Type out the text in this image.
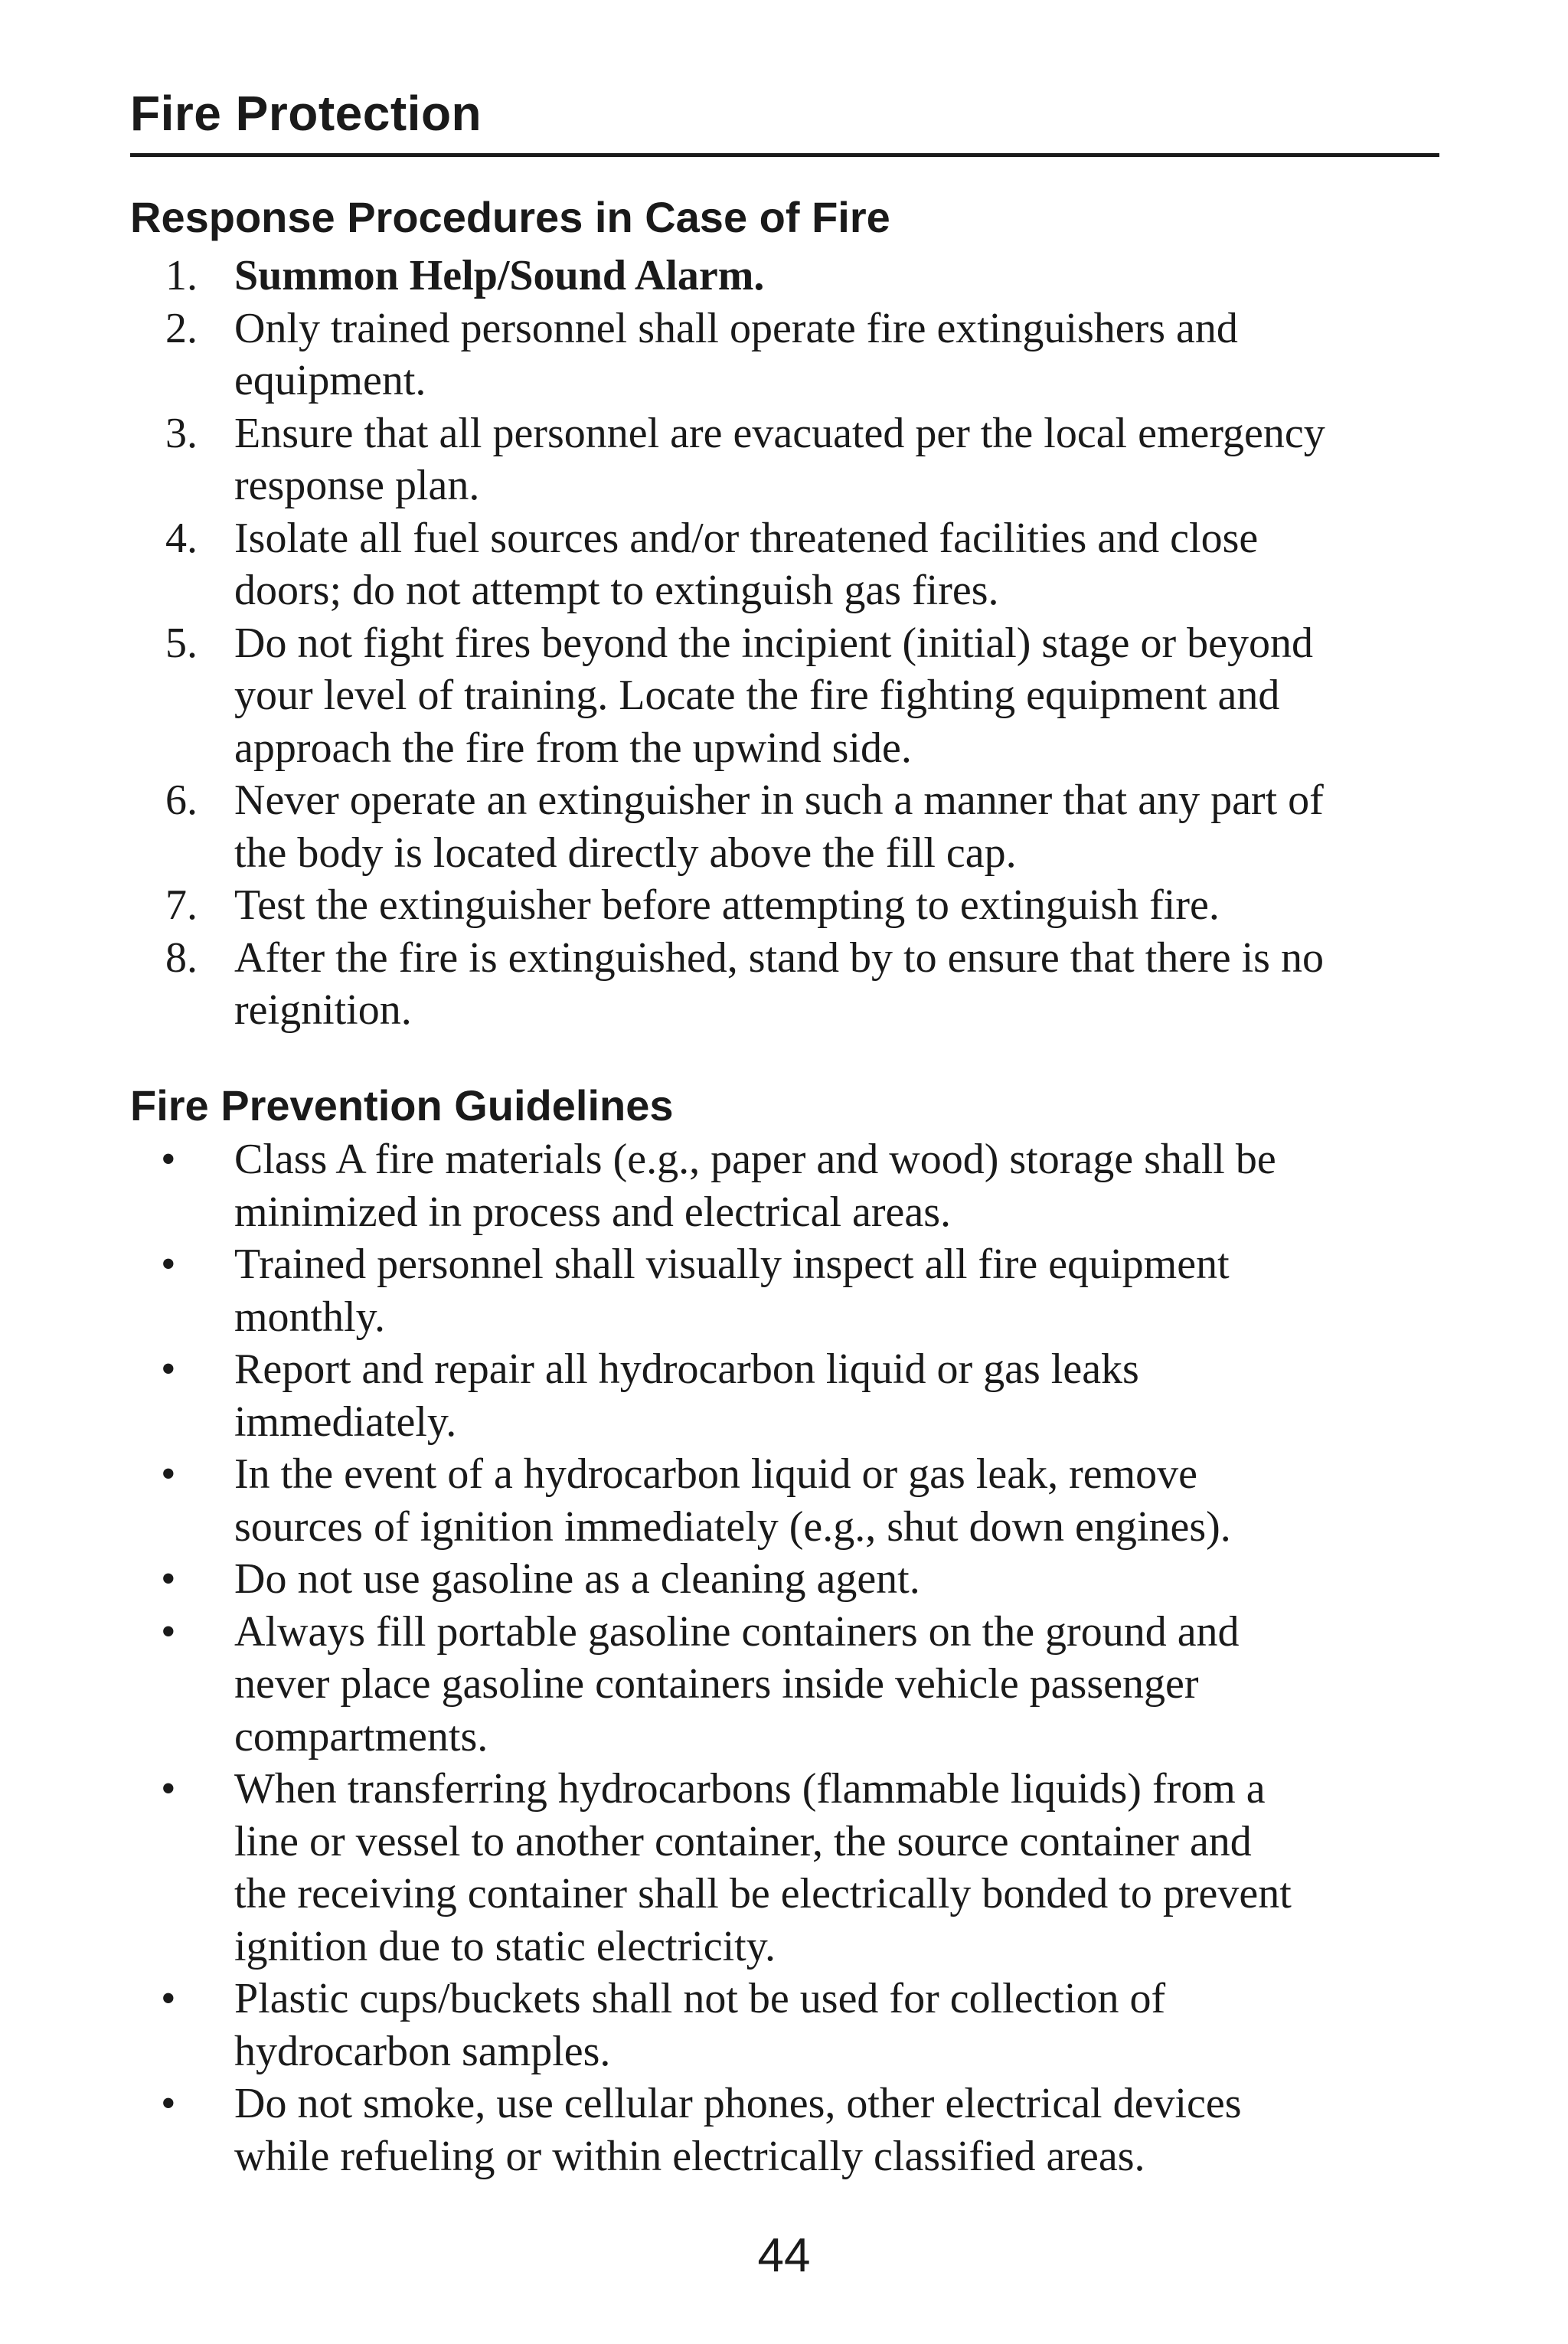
Fire Protection
Response Procedures in Case of Fire
1. Summon Help/Sound Alarm.
2. Only trained personnel shall operate fire extinguishers and
equipment.
3. Ensure that all personnel are evacuated per the local emergency
response plan.
4. Isolate all fuel sources and/or threatened facilities and close
doors; do not attempt to extinguish gas fires.
5. Do not fight fires beyond the incipient (initial) stage or beyond
your level of training. Locate the fire fighting equipment and
approach the fire from the upwind side.
6. Never operate an extinguisher in such a manner that any part of
the body is located directly above the fill cap.
7. Test the extinguisher before attempting to extinguish fire.
8. After the fire is extinguished, stand by to ensure that there is no
reignition.
Fire Prevention Guidelines
•	Class A fire materials (e.g., paper and wood) storage shall be
minimized in process and electrical areas.
•	Trained personnel shall visually inspect all fire equipment
monthly.
•	Report and repair all hydrocarbon liquid or gas leaks
immediately.
•	In the event of a hydrocarbon liquid or gas leak, remove
sources of ignition immediately (e.g., shut down engines).
•	Do not use gasoline as a cleaning agent.
•	Always fill portable gasoline containers on the ground and
never place gasoline containers inside vehicle passenger
compartments.
•	When transferring hydrocarbons (flammable liquids) from a
line or vessel to another container, the source container and
the receiving container shall be electrically bonded to prevent
ignition due to static electricity.
•	Plastic cups/buckets shall not be used for collection of
hydrocarbon samples.
•	Do not smoke, use cellular phones, other electrical devices
while refueling or within electrically classified areas.
44
